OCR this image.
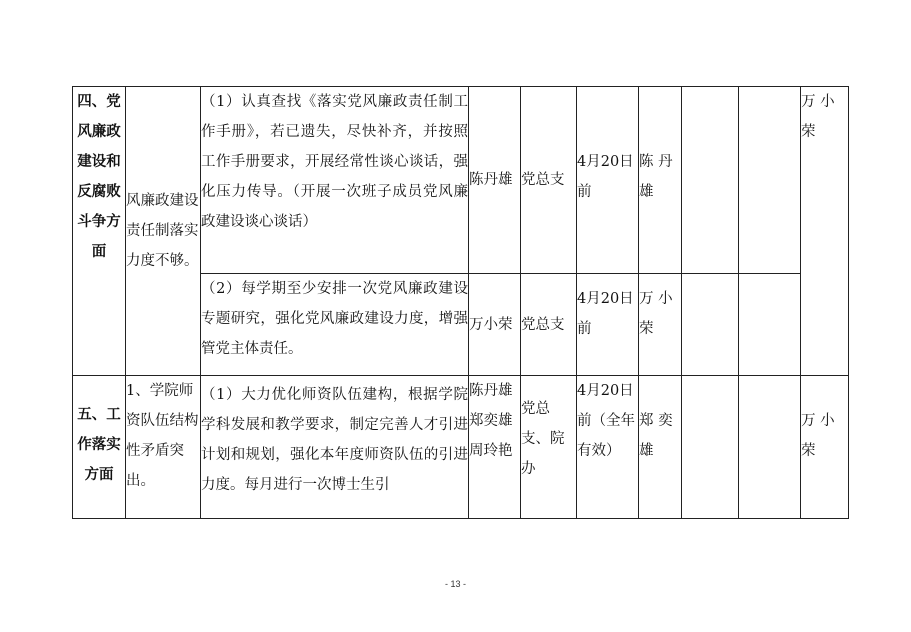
四、党风廉政建设和反腐败斗争方面	风廉政建设责任制落实力度不够。	（1）认真查找《落实党风廉政责任制工作手册》，若已遗失，尽快补齐，并按照工作手册要求，开展经常性谈心谈话，强化压力传导。（开展一次班子成员党风廉政建设谈心谈话）	陈丹雄	党总支	4月20日前	陈 丹 雄			万 小 荣
		（2）每学期至少安排一次党风廉政建设专题研究，强化党风廉政建设力度，增强管党主体责任。	万小荣	党总支	4月20日前	万 小 荣			
五、工作落实方面	1、学院师资队伍结构性矛盾突出。	（1）大力优化师资队伍建构，根据学院学科发展和教学要求，制定完善人才引进计划和规划，强化本年度师资队伍的引进力度。每月进行一次博士生引	陈丹雄郑奕雄周玲艳	党总支、院办	4月20日前（全年有效）	郑 奕 雄			万 小 荣
- 13 -
